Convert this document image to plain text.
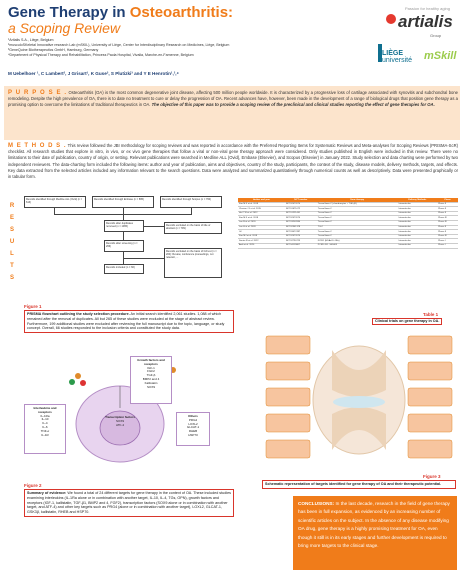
Gene Therapy in Osteoarthritis:
a Scoping Review
¹Artialis S.A., Liège, Belgium
²musculoSKeletal Innovative research Lab (mSKIL), University of Liège, Center for Interdisciplinary Research on Medicines, Liège, Belgium
³GeneQuine Biotherapeutics GmbH, Hamburg, Germany
⁴Department of Physical Therapy and Rehabilitation, Princess Paola Hospital, Vivalia, Marche-en-Famenne, Belgium
M Uebelhoer ¹, C Lambert², J Grisart¹, K Guse³, S Plutizki³ and Y E Henrotin¹,²,⁴
Passion for healthy aging
artialis
Group
LIÈGE
université mSkill
P U R P O S E . Osteoarthritis (OA) is the most common degenerative joint disease, affecting 500 million people worldwide. It is characterized by a progressive loss of cartilage associated with synovitis and subchondral bone remodeling. Despite the high prevalence of OA, there is to date no treatment to cure or delay the progression of OA. Recent advances have, however, been made in the development of a range of biological drugs that position gene therapy as a promising option to overcome the limitations of traditional therapeutics in OA. The objective of this paper was to provide a scoping review of the preclinical and clinical studies reporting the effect of gene therapies for OA.
M E T H O D S . This review followed the JBI methodology for scoping reviews and was reported in accordance with the Preferred Reporting Items for Systematic Reviews and Meta-analyses for Scoping Reviews (PRISMA-ScR) checklist. All research studies that explore in vitro, in vivo, or ex vivo gene therapies that follow a viral or non-viral gene therapy approach were considered. Only studies published in English were included in this review. There were no limitations to their date of publication, country of origin, or setting. Relevant publications were searched in Medline ALL (Ovid), Embase (Elsevier), and Scopus (Elsevier) in January 2022. Study selection and data charting were performed by two independent reviewers. The data-charting form included the following items: author and year of publication, aims and objectives, country of the study, participants, the context of the study, disease models, delivery methods, targets, and effects. Key data extracted from the selected articles included any information relevant to the search questions. Data were analyzed and summarized quantitatively through numerical counts as well as descriptively. Data were presented graphically or in tabular form.
R
E
S
U
L
T
S
Records identified through Medline ALL (Ovid) (n = 613)
Records identified through Embase (n = 895)	Records identified through Scopus (n = 760)
Records after duplicates removed (n = 1065)
Records after screening (n = 266)
Records excluded on the basis of title or abstract (n = 799)
Records excluded on the basis of full text (n = 200): Review, conference proceedings, not relevant, ...
Records included (n = 66)
Figure 1
PRISMA flowchart outlining the study selection procedure. An initial search identified 2,061 studies. 1,088 of which remained after the removal of duplicates. All but 265 of these studies were excluded at the stage of abstract review. Furthermore, 199 additional studies were excluded after reviewing the full manuscript due to the topic, language, or study concept. Overall, 66 studies responded to the inclusion criteria and constituted the study data.
Author and year	NCT number	Gene therapy	Delivery Methods	Phase
Kim M K et al. 2018	NCT02072070	TissueGene-C (chondrocytes + TGF-β1)	Intraarticular	Phase II
Cherian J J et al. 2015	NCT01671072	TissueGene-C	Intraarticular	Phase II
Ha C W et al. 2012	NCT01221441	TissueGene-C	Intraarticular	Phase II
Kim M K et al. 2018	NCT02072070	TissueGene-C	Intraarticular	Phase III
Lee B et al. 2020	NCT03203330	TissueGene-C	Intraarticular	Phase III
Lee H et al. 2020	NCT02341378	TG-C	Intraarticular	Phase II
Gf	NCT03477487	TissueGene-C	Intraarticular	Phase II
Kim MJ et al. 2018	NCT02072070	TissueGene-C	Intraarticular	Phase III
Senter R et al. 2022	NCT02790723	FX201 (HDAd-IL-1Ra)	Intraarticular	Phase I
Andi et al. 2020	NCT04119687	PCRX-201 / HG003	Intraarticular	Phase I
Table 1
Clinical trials on gene therapy in OA.
Growth factors and receptors
IGF-1
FGF2
TGF-β
BMP2 and 4
Kallistatin
SOX9
Interleukins and receptors
IL-1Ra
IL-10
IL-4
IL-6
TNF-α
IL-1R
Transcription factors
SOX9
ATF-4
Others
PRG4
LOXL2
GLCAT-1
RHEB
HSP70
Figure 2
Summary of evidence: We found a total of 24 different targets for gene therapy in the context of OA. These included studies examining interleukins (IL-1Ra alone or in combination with another target, IL-10, IL-4, TGs, OPN), growth factors and receptors (IGF-1, kallistatin, TGF-β1, BMP2 and 4, FGF2), transcription factors (SOX9 alone or in combination with another target, and ATF-4) and other key targets such as PRG4 (alone or in combination with another target), LOXL2, GLCAT-1, GSK3β, kallistatin, RHEB and HSP70.
Figure 3
Schematic representation of targets identified for gene therapy of OA and their therapeutic potential.
CONCLUSIONS: In the last decade, research in the field of gene therapy has been in full expansion, as evidenced by an increasing number of scientific articles on the subject. In the absence of any disease modifying OA drug, gene therapy is a highly promising treatment for OA, even though it still is in its early stages and further development is required to bring more targets to the clinical stage.
